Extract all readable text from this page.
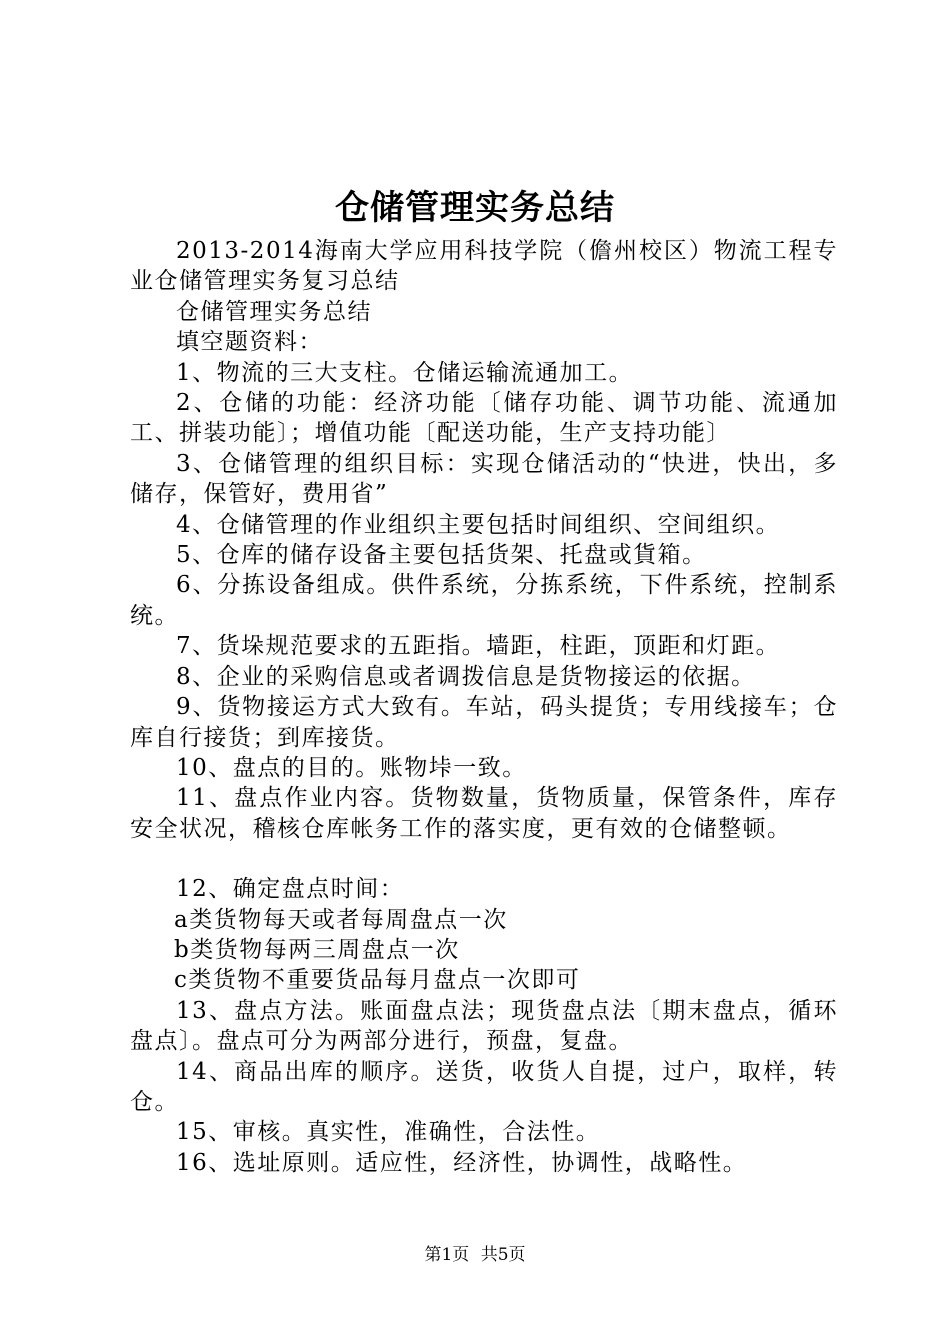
仓储管理实务总结

2013-2014海南大学应用科技学院（儋州校区）物流工程专业仓储管理实务复习总结

仓储管理实务总结

填空题资料：

1、物流的三大支柱。仓储运输流通加工。

2、仓储的功能：经济功能〔储存功能、调节功能、流通加工、拼装功能〕；增值功能〔配送功能，生产支持功能〕

3、仓储管理的组织目标：实现仓储活动的“快进，快出，多储存，保管好，费用省”

4、仓储管理的作业组织主要包括时间组织、空间组织。

5、仓库的储存设备主要包括货架、托盘或貨箱。

6、分拣设备组成。供件系统，分拣系统，下件系统，控制系统。

7、货垛规范要求的五距指。墙距，柱距，顶距和灯距。

8、企业的采购信息或者调拨信息是货物接运的依据。

9、货物接运方式大致有。车站，码头提货；专用线接车；仓库自行接货；到库接货。

10、盘点的目的。账物垰一致。

11、盘点作业内容。货物数量，货物质量，保管条件，库存安全状况，稽核仓库帐务工作的落实度，更有效的仓储整顿。

12、确定盘点时间：

a类货物每天或者每周盘点一次

b类货物每两三周盘点一次

c类货物不重要货品每月盘点一次即可

13、盘点方法。账面盘点法；现货盘点法〔期末盘点，循环盘点〕。盘点可分为两部分进行，预盘，复盘。

14、商品出库的顺序。送货，收货人自提，过户，取样，转仓。

15、审核。真实性，准确性，合法性。

16、选址原则。适应性，经济性，协调性，战略性。

第1页 共5页
